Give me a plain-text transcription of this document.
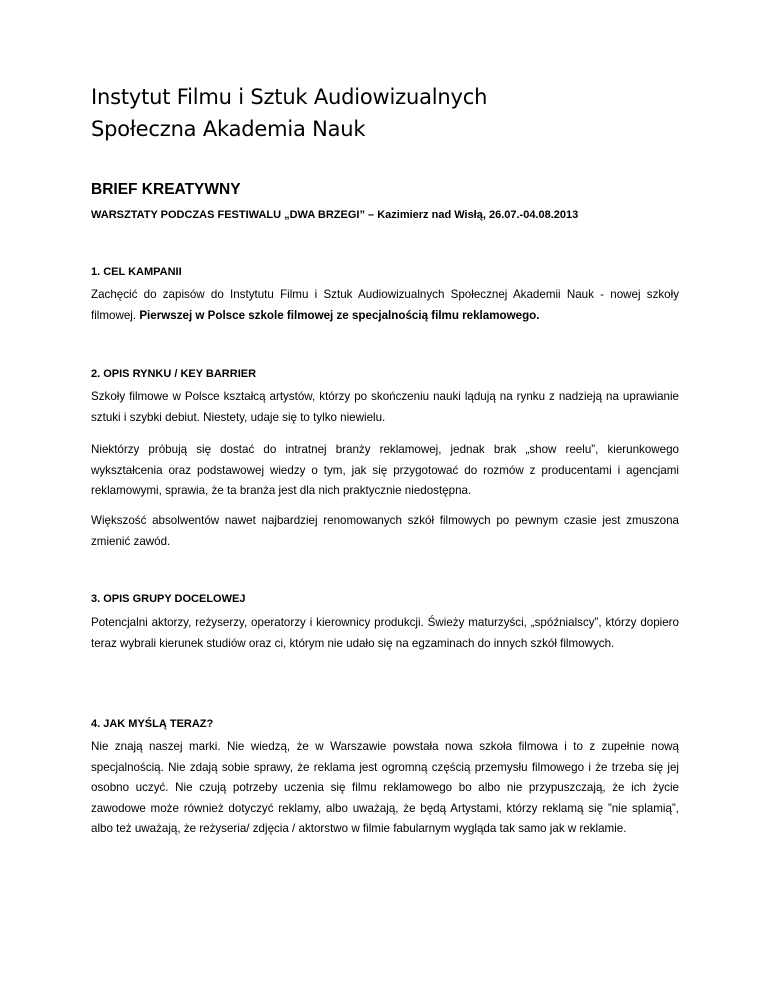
Instytut Filmu i Sztuk Audiowizualnych

Społeczna Akademia Nauk

BRIEF KREATYWNY

WARSZTATY PODCZAS FESTIWALU „DWA BRZEGI” – Kazimierz nad Wisłą, 26.07.-04.08.2013

1. CEL KAMPANII

Zachęcić do zapisów do Instytutu Filmu i Sztuk Audiowizualnych Społecznej Akademii Nauk - nowej szkoły filmowej. Pierwszej w Polsce szkole filmowej ze specjalnością filmu reklamowego.

2. OPIS RYNKU / KEY BARRIER

Szkoły filmowe w Polsce kształcą artystów, którzy po skończeniu nauki lądują na rynku z nadzieją na uprawianie sztuki i szybki debiut. Niestety, udaje się to tylko niewielu.

Niektórzy próbują się dostać do intratnej branży reklamowej, jednak brak „show reelu”, kierunkowego wykształcenia oraz podstawowej wiedzy o tym, jak się przygotować do rozmów z producentami i agencjami reklamowymi, sprawia, że ta branża jest dla nich praktycznie niedostępna.

Większość absolwentów nawet najbardziej renomowanych szkół filmowych po pewnym czasie jest zmuszona zmienić zawód.

3. OPIS GRUPY DOCELOWEJ

Potencjalni aktorzy, reżyserzy, operatorzy i kierownicy produkcji. Świeży maturzyści, „spóźnialscy”, którzy dopiero teraz wybrali kierunek studiów oraz ci, którym nie udało się na egzaminach do innych szkół filmowych.

4. JAK MYŚLĄ TERAZ?

Nie znają naszej marki. Nie wiedzą, że w Warszawie powstała nowa szkoła filmowa i to z zupełnie nową specjalnością. Nie zdają sobie sprawy, że reklama jest ogromną częścią przemysłu filmowego i że trzeba się jej osobno uczyć. Nie czują potrzeby uczenia się filmu reklamowego bo albo nie przypuszczają, że ich życie zawodowe może również dotyczyć reklamy, albo uważają, że będą Artystami, którzy reklamą się ”nie splamią”, albo też uważają, że reżyseria/ zdjęcia / aktorstwo w filmie fabularnym wygląda tak samo jak w reklamie.
